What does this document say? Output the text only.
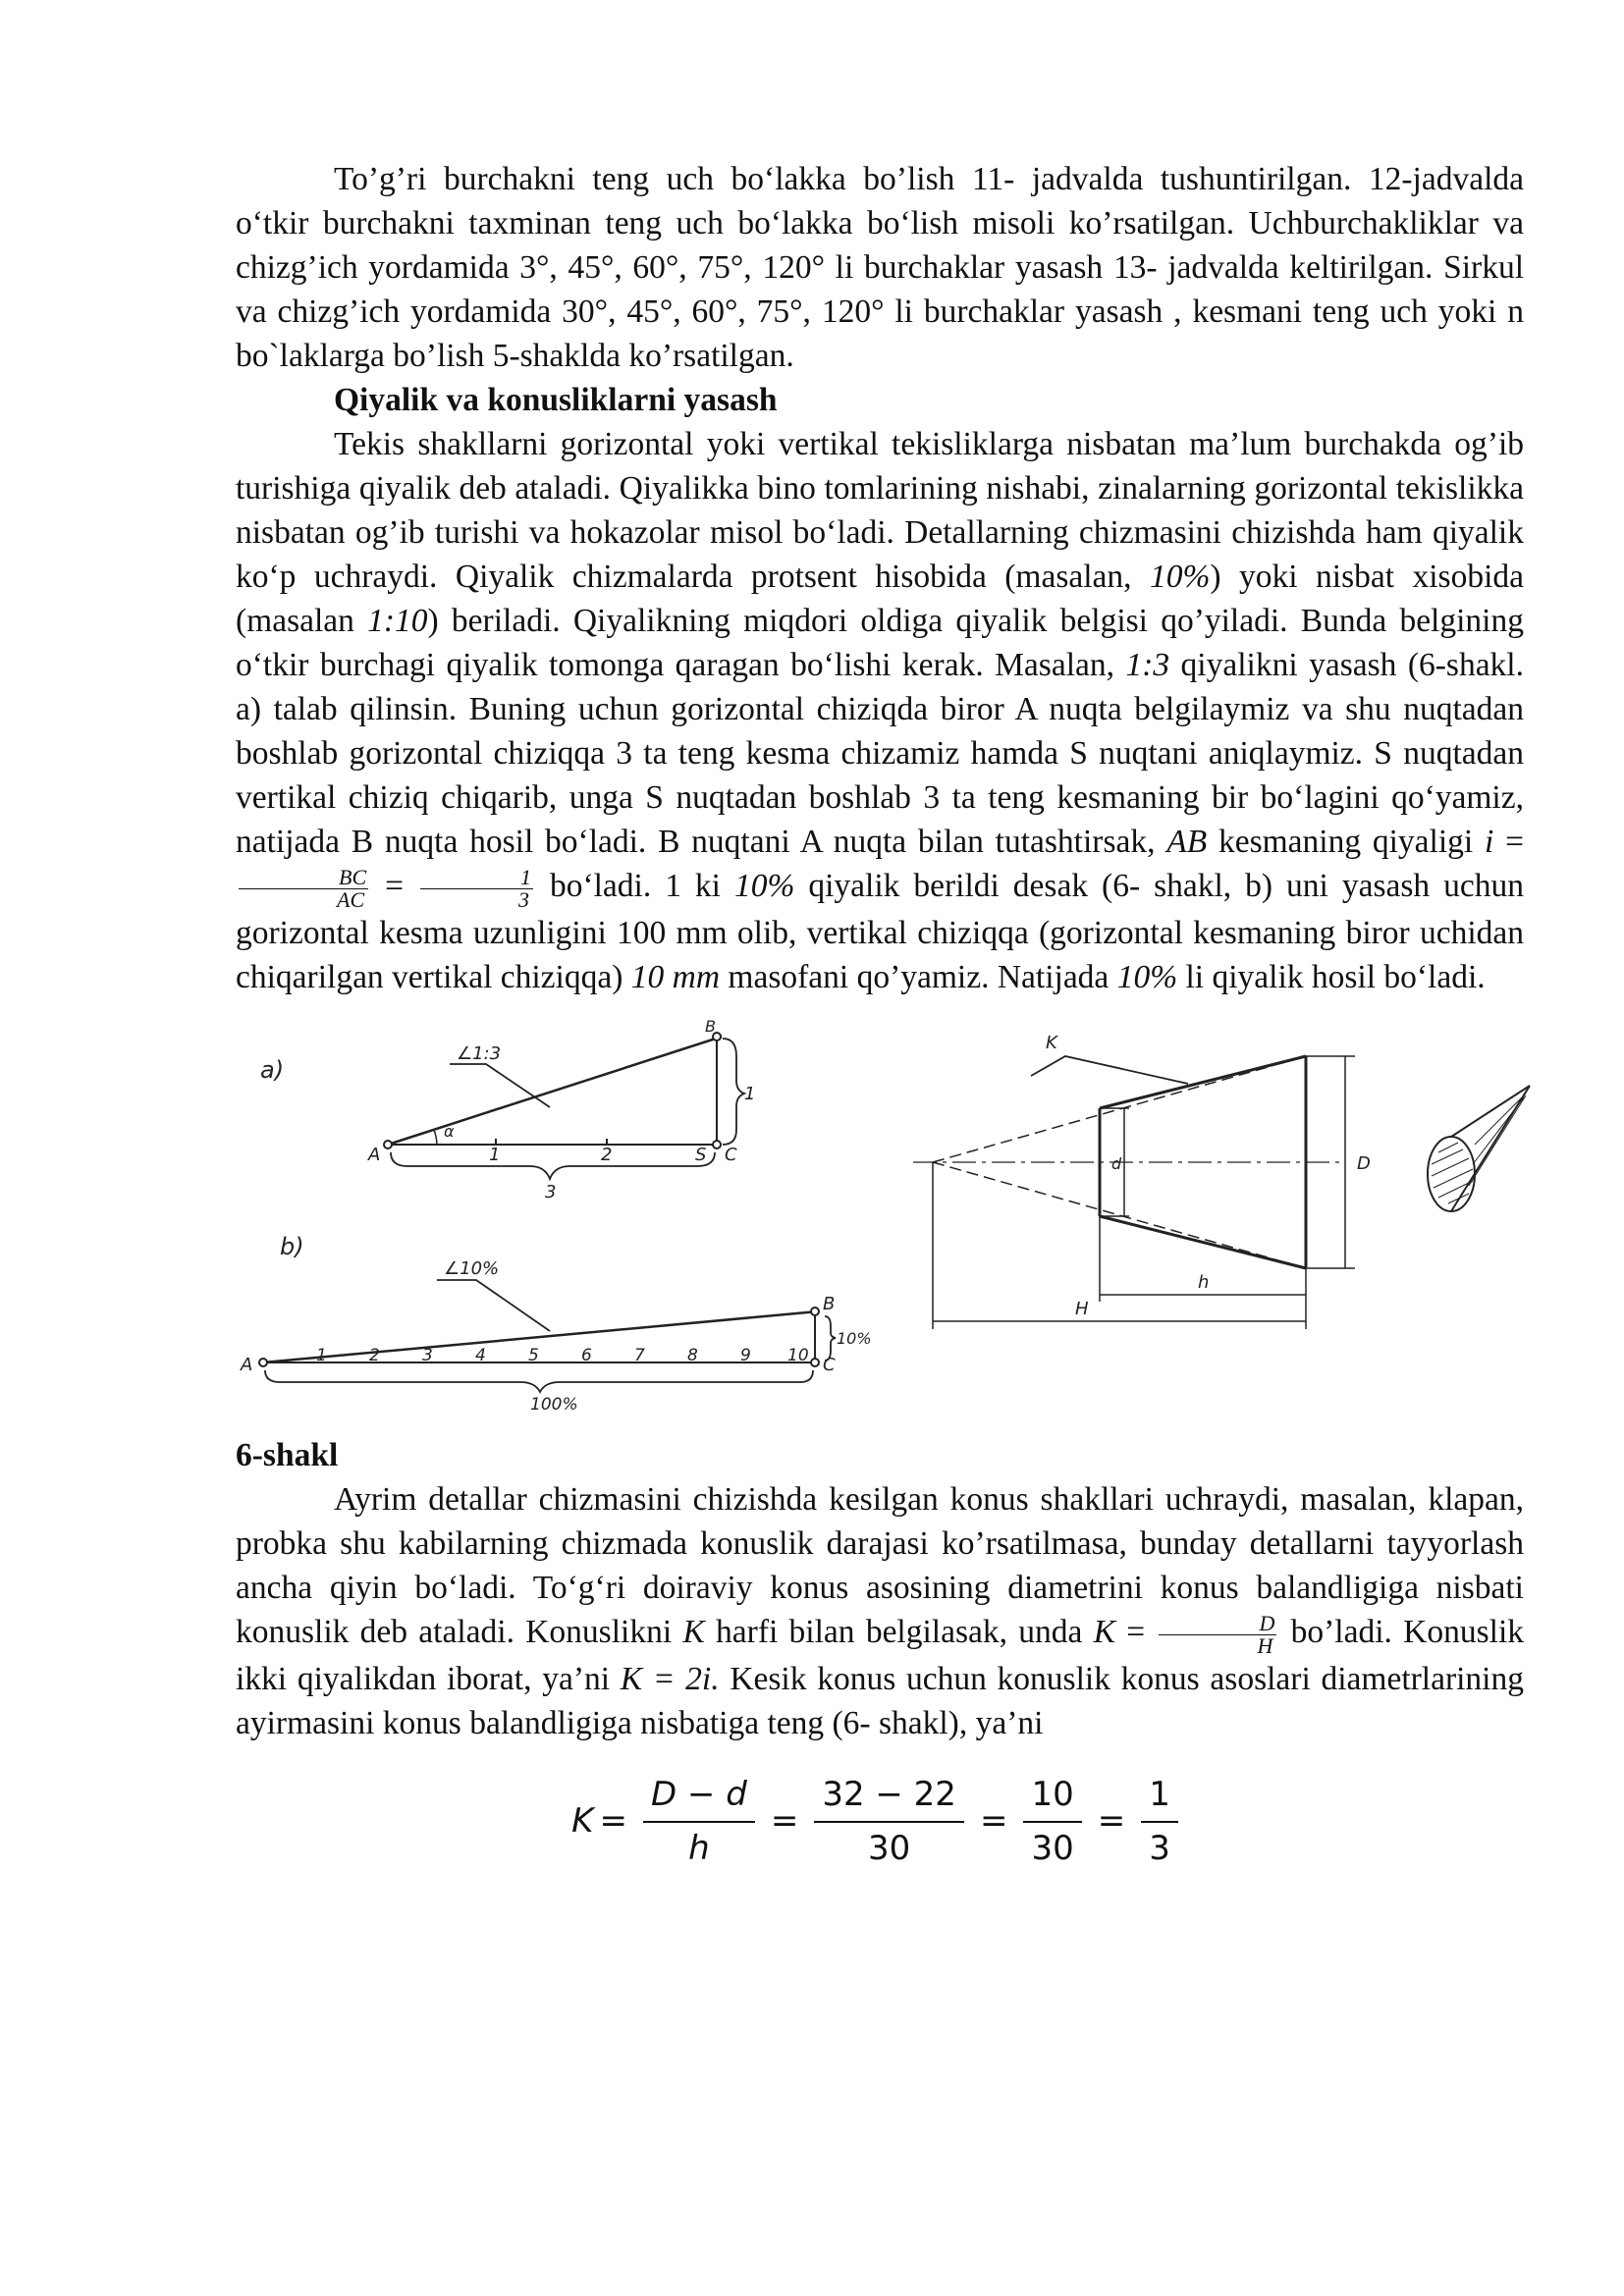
To’g’ri burchakni teng uch bo‘lakka bo’lish 11- jadvalda tushuntirilgan. 12-jadvalda o‘tkir burchakni taxminan teng uch bo‘lakka bo‘lish misoli ko’rsatilgan. Uchburchakliklar va chizg’ich yordamida 3°, 45°, 60°, 75°, 120° li burchaklar yasash 13- jadvalda keltirilgan. Sirkul va chizg’ich yordamida 30°, 45°, 60°, 75°, 120° li burchaklar yasash , kesmani teng uch yoki n bo`laklarga bo’lish 5-shaklda ko’rsatilgan.

Qiyalik va konusliklarni yasash

Tekis shakllarni gorizontal yoki vertikal tekisliklarga nisbatan ma’lum burchakda og’ib turishiga qiyalik deb ataladi. Qiyalikka bino tomlarining nishabi, zinalarning gorizontal tekislikka nisbatan og’ib turishi va hokazolar misol bo‘ladi. Detallarning chizmasini chizishda ham qiyalik ko‘p uchraydi. Qiyalik chizmalarda protsent hisobida (masalan, 10%) yoki nisbat xisobida (masalan 1:10) beriladi. Qiyalikning miqdori oldiga qiyalik belgisi qo’yiladi. Bunda belgining o‘tkir burchagi qiyalik tomonga qaragan bo‘lishi kerak. Masalan, 1:3 qiyalikni yasash (6-shakl. a) talab qilinsin. Buning uchun gorizontal chiziqda biror A nuqta belgilaymiz va shu nuqtadan boshlab gorizontal chiziqqa 3 ta teng kesma chizamiz hamda S nuqtani aniqlaymiz. S nuqtadan vertikal chiziq chiqarib, unga S nuqtadan boshlab 3 ta teng kesmaning bir bo‘lagini qo‘yamiz, natijada B nuqta hosil bo‘ladi. B nuqtani A nuqta bilan tutashtirsak, AB kesmaning qiyaligi i =
$\frac{BC}{AC} = \frac{1}{3}$ bo‘ladi. 1 ki 10% qiyalik berildi desak (6- shakl, b) uni yasash uchun gorizontal kesma uzunligini 100 mm olib, vertikal chiziqqa (gorizontal kesmaning biror uchidan chiqarilgan vertikal chiziqqa) 10 mm masofani qo’yamiz. Natijada 10% li qiyalik hosil bo‘ladi.

a)
∠1:3
α
A
B
S C
1
1	2
3
b)
∠10%
A
B
C
10%
1	2	3	4	5	6	7	8	9 10
100%
K
d	D
h
H

6-shakl

Ayrim detallar chizmasini chizishda kesilgan konus shakllari uchraydi, masalan, klapan, probka shu kabilarning chizmada konuslik darajasi ko’rsatilmasa, bunday detallarni tayyorlash ancha qiyin bo‘ladi. To‘g‘ri doiraviy konus asosining diametrini konus balandligiga nisbati konuslik deb ataladi. Konuslikni K harfi bilan belgilasak, unda $K = \frac{D}{H}$ bo’ladi. Konuslik ikki qiyalikdan iborat, ya’ni K = 2i. Kesik konus uchun konuslik konus asoslari diametrlarining ayirmasini konus balandligiga nisbatiga teng (6- shakl), ya’ni

$K = \frac{D - d}{h} = \frac{32 - 22}{30} = \frac{10}{30} = \frac{1}{3}$
